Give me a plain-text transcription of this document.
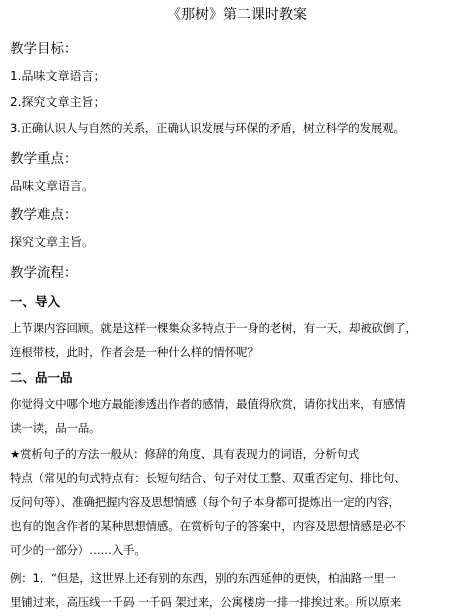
《那树》第二课时教案
教学目标：
1.品味文章语言；
2.探究文章主旨；
3.正确认识人与自然的关系，正确认识发展与环保的矛盾，树立科学的发展观。
教学重点：
品味文章语言。
教学难点：
探究文章主旨。
教学流程：
一、导入
上节课内容回顾。就是这样一棵集众多特点于一身的老树，有一天，却被砍倒了，
连根带枝，此时，作者会是一种什么样的情怀呢？
二、品一品
你觉得文中哪个地方最能渗透出作者的感情，最值得欣赏，请你找出来，有感情
读一读，品一品。
★赏析句子的方法一般从：修辞的角度、具有表现力的词语，分析句式
特点（常见的句式特点有：长短句结合、句子对仗工整、双重否定句、排比句、
反问句等）、准确把握内容及思想情感（每个句子本身都可提炼出一定的内容，
也有的饱含作者的某种思想情感。在赏析句子的答案中，内容及思想情感是必不
可少的一部分）……入手。
例：1．“但是，这世界上还有别的东西，别的东西延伸的更快，柏油路一里一
里铺过来，高压线一千码 一千码 架过来，公寓楼房一排一排挨过来。所以原来
